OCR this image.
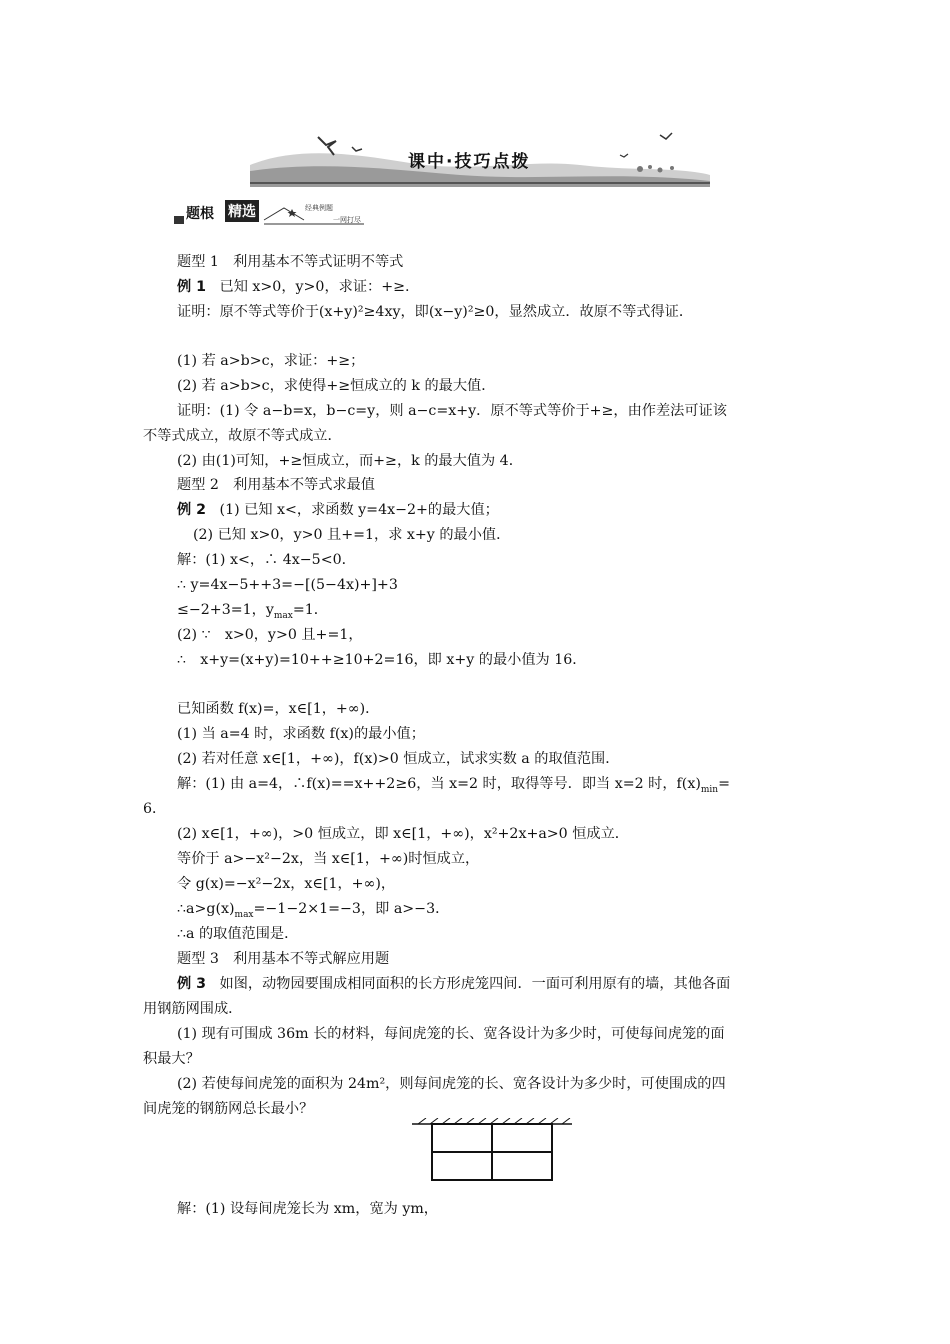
课中·技巧点拨
题根 精选	经典例题
一网打尽
题型 1　利用基本不等式证明不等式
例 1 已知 x>0，y>0，求证：+≥.
证明：原不等式等价于(x+y)²≥4xy，即(x−y)²≥0，显然成立．故原不等式得证．
(1) 若 a>b>c，求证：+≥；
(2) 若 a>b>c，求使得+≥恒成立的 k 的最大值．
证明：(1) 令 a−b=x，b−c=y，则 a−c=x+y．原不等式等价于+≥，由作差法可证该
不等式成立，故原不等式成立．
(2) 由(1)可知，+≥恒成立，而+≥，k 的最大值为 4．
题型 2　利用基本不等式求最值
例 2 (1) 已知 x<，求函数 y=4x−2+的最大值；
(2) 已知 x>0，y>0 且+=1，求 x+y 的最小值．
解：(1) x<，∴ 4x−5<0．
∴ y=4x−5++3=−[(5−4x)+]+3
≤−2+3=1，$y_{max}=1$．
(2) ∵　x>0，y>0 且+=1，
∴　x+y=(x+y)=10++≥10+2=16，即 x+y 的最小值为 16．
已知函数 f(x)=，x∈[1，+∞)．
(1) 当 a=4 时，求函数 f(x)的最小值；
(2) 若对任意 x∈[1，+∞)，f(x)>0 恒成立，试求实数 a 的取值范围．
解：(1) 由 a=4，∴f(x)==x++2≥6，当 x=2 时，取得等号．即当 x=2 时，$f(x)_{min}=$
6．
(2) x∈[1，+∞)，>0 恒成立，即 x∈[1，+∞)，x²+2x+a>0 恒成立．
等价于 a>−x²−2x，当 x∈[1，+∞)时恒成立，
令 g(x)=−x²−2x，x∈[1，+∞)，
$\therefore a>g(x)_{max}=-1-2\times 1=-3$，即 a>−3．
∴a 的取值范围是．
题型 3　利用基本不等式解应用题
例 3 如图，动物园要围成相同面积的长方形虎笼四间．一面可利用原有的墙，其他各面
用钢筋网围成．
(1) 现有可围成 36m 长的材料，每间虎笼的长、宽各设计为多少时，可使每间虎笼的面
积最大？
(2) 若使每间虎笼的面积为 24m²，则每间虎笼的长、宽各设计为多少时，可使围成的四
间虎笼的钢筋网总长最小？
解：(1) 设每间虎笼长为 xm，宽为 ym，
